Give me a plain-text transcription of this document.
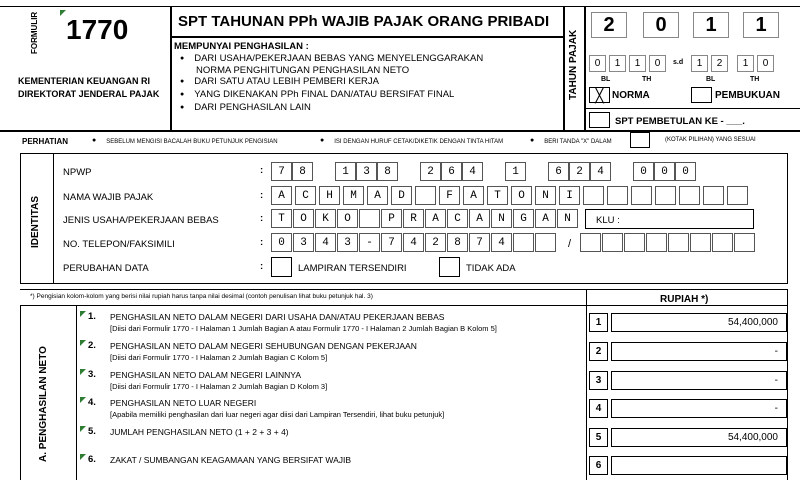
FORMULIR 1770
KEMENTERIAN KEUANGAN RI
DIREKTORAT JENDERAL PAJAK
SPT TAHUNAN PPh WAJIB PAJAK ORANG PRIBADI
MEMPUNYAI PENGHASILAN :
● DARI USAHA/PEKERJAAN BEBAS YANG MENYELENGGARAKAN
NORMA PENGHITUNGAN PENGHASILAN NETO
● DARI SATU ATAU LEBIH PEMBERI KERJA
● YANG DIKENAKAN PPh FINAL DAN/ATAU BERSIFAT FINAL
● DARI PENGHASILAN LAIN
TAHUN PAJAK
2	0	1	1
0	1	1	0	s.d	1	2	1	0
BL	TH	BL	TH
╳ NORMA	PEMBUKUAN
SPT PEMBETULAN KE - ___.
PERHATIAN	● SEBELUM MENGISI BACALAH BUKU PETUNJUK PENGISIAN	● ISI DENGAN HURUF CETAK/DIKETIK DENGAN TINTA HITAM	● BERI TANDA "X" DALAM	(KOTAK PILIHAN) YANG SESUAI
IDENTITAS
NPWP	:	7	8	1	3	8	2	6	4	1	6	2	4	0	0	0
NAMA WAJIB PAJAK	:	A	C	H	M	A	D	F	A	T	O	N	I
JENIS USAHA/PEKERJAAN BEBAS	:	T	O	K	O	P	R	A	C	A	N	G	A	N	KLU :
NO. TELEPON/FAKSIMILI	:	0	3	4	3	-	7	4	2	8	7	4	/
PERUBAHAN DATA	:	LAMPIRAN TERSENDIRI	TIDAK ADA
*) Pengisian kolom-kolom yang berisi nilai rupiah harus tanpa nilai desimal (contoh penulisan lihat buku petunjuk hal. 3)	RUPIAH *)
A. PENGHASILAN NETO
1. PENGHASILAN NETO DALAM NEGERI DARI USAHA DAN/ATAU PEKERJAAN BEBAS
[Diisi dari Formulir 1770 - I Halaman 1 Jumlah Bagian A atau Formulir 1770 - I Halaman 2 Jumlah Bagian B Kolom 5]
1	54,400,000
2. PENGHASILAN NETO DALAM NEGERI SEHUBUNGAN DENGAN PEKERJAAN
[Diisi dari Formulir 1770 - I Halaman 2 Jumlah Bagian C Kolom 5]
2	-
3. PENGHASILAN NETO DALAM NEGERI LAINNYA
[Diisi dari Formulir 1770 - I Halaman 2 Jumlah Bagian D Kolom 3]
3	-
4. PENGHASILAN NETO LUAR NEGERI
[Apabila memiliki penghasilan dari luar negeri agar diisi dari Lampiran Tersendiri, lihat buku petunjuk]
4	-
5. JUMLAH PENGHASILAN NETO (1 + 2 + 3 + 4)	5	54,400,000
6. ZAKAT / SUMBANGAN KEAGAMAAN YANG BERSIFAT WAJIB	6
